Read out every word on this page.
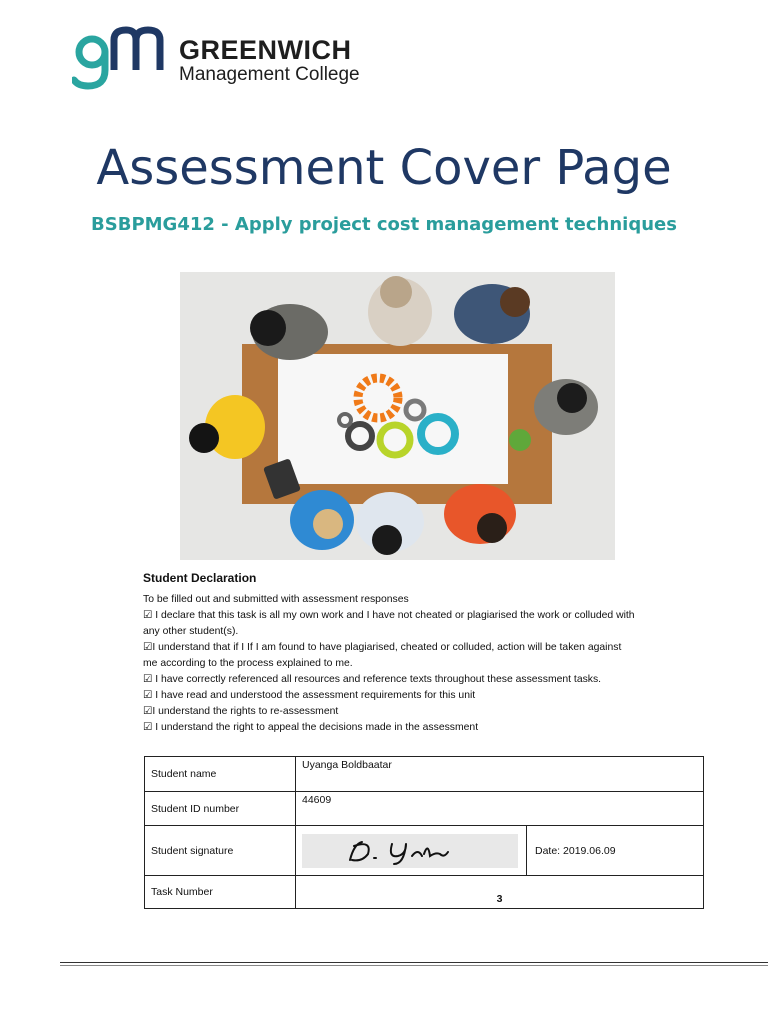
GREENWICH
Management College
Assessment Cover Page
BSBPMG412 - Apply project cost management techniques
Student Declaration
To be filled out and submitted with assessment responses
☑ I declare that this task is all my own work and I have not cheated or plagiarised the work or colluded with
any other student(s).
☑I understand that if I If I am found to have plagiarised, cheated or colluded, action will be taken against
me according to the process explained to me.
☑ I have correctly referenced all resources and reference texts throughout these assessment tasks.
☑ I have read and understood the assessment requirements for this unit
☑I understand the rights to re-assessment
☑ I understand the right to appeal the decisions made in the assessment
Student name	Uyanga Boldbaatar	
Student ID number	44609	
Student signature		Date: 2019.06.09
Task Number	3	
